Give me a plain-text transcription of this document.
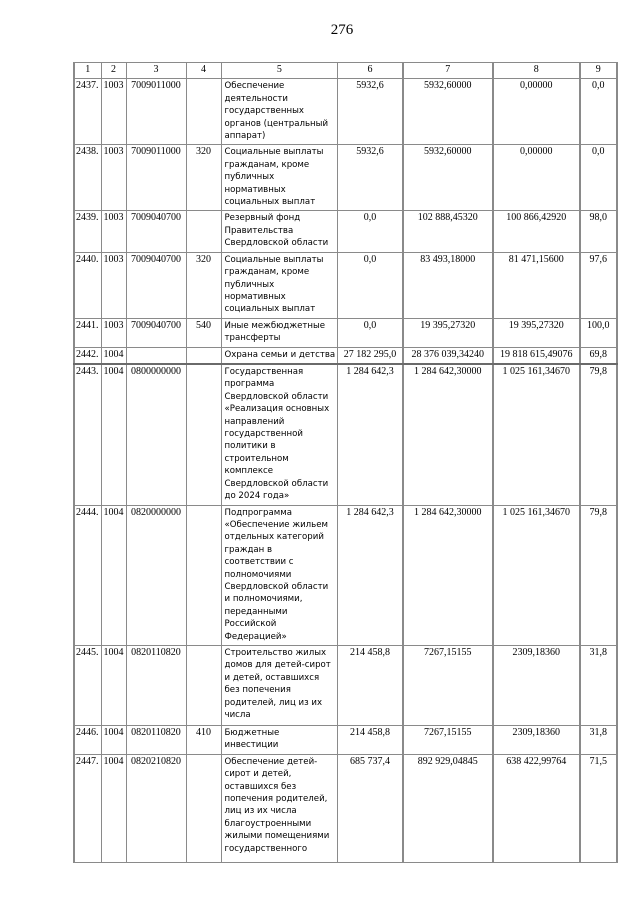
276
1	2	3	4	5	6	7	8	9
2437.	1003	7009011000		Обеспечение деятельности государственных органов (центральный аппарат)	5932,6	5932,60000	0,00000	0,0
2438.	1003	7009011000	320	Социальные выплаты гражданам, кроме публичных нормативных социальных выплат	5932,6	5932,60000	0,00000	0,0
2439.	1003	7009040700		Резервный фонд Правительства Свердловской области	0,0	102 888,45320	100 866,42920	98,0
2440.	1003	7009040700	320	Социальные выплаты гражданам, кроме публичных нормативных социальных выплат	0,0	83 493,18000	81 471,15600	97,6
2441.	1003	7009040700	540	Иные межбюджетные трансферты	0,0	19 395,27320	19 395,27320	100,0
2442.	1004			Охрана семьи и детства	27 182 295,0	28 376 039,34240	19 818 615,49076	69,8
2443.	1004	0800000000		Государственная программа Свердловской области «Реализация основных направлений государственной политики в строительном комплексе Свердловской области до 2024 года»	1 284 642,3	1 284 642,30000	1 025 161,34670	79,8
2444.	1004	0820000000		Подпрограмма «Обеспечение жильем отдельных категорий граждан в соответствии с полномочиями Свердловской области и полномочиями, переданными Российской Федерацией»	1 284 642,3	1 284 642,30000	1 025 161,34670	79,8
2445.	1004	0820110820		Строительство жилых домов для детей-сирот и детей, оставшихся без попечения родителей, лиц из их числа	214 458,8	7267,15155	2309,18360	31,8
2446.	1004	0820110820	410	Бюджетные инвестиции	214 458,8	7267,15155	2309,18360	31,8
2447.	1004	0820210820		Обеспечение детей-сирот и детей, оставшихся без попечения родителей, лиц из их числа благоустроенными жилыми помещениями государственного	685 737,4	892 929,04845	638 422,99764	71,5
